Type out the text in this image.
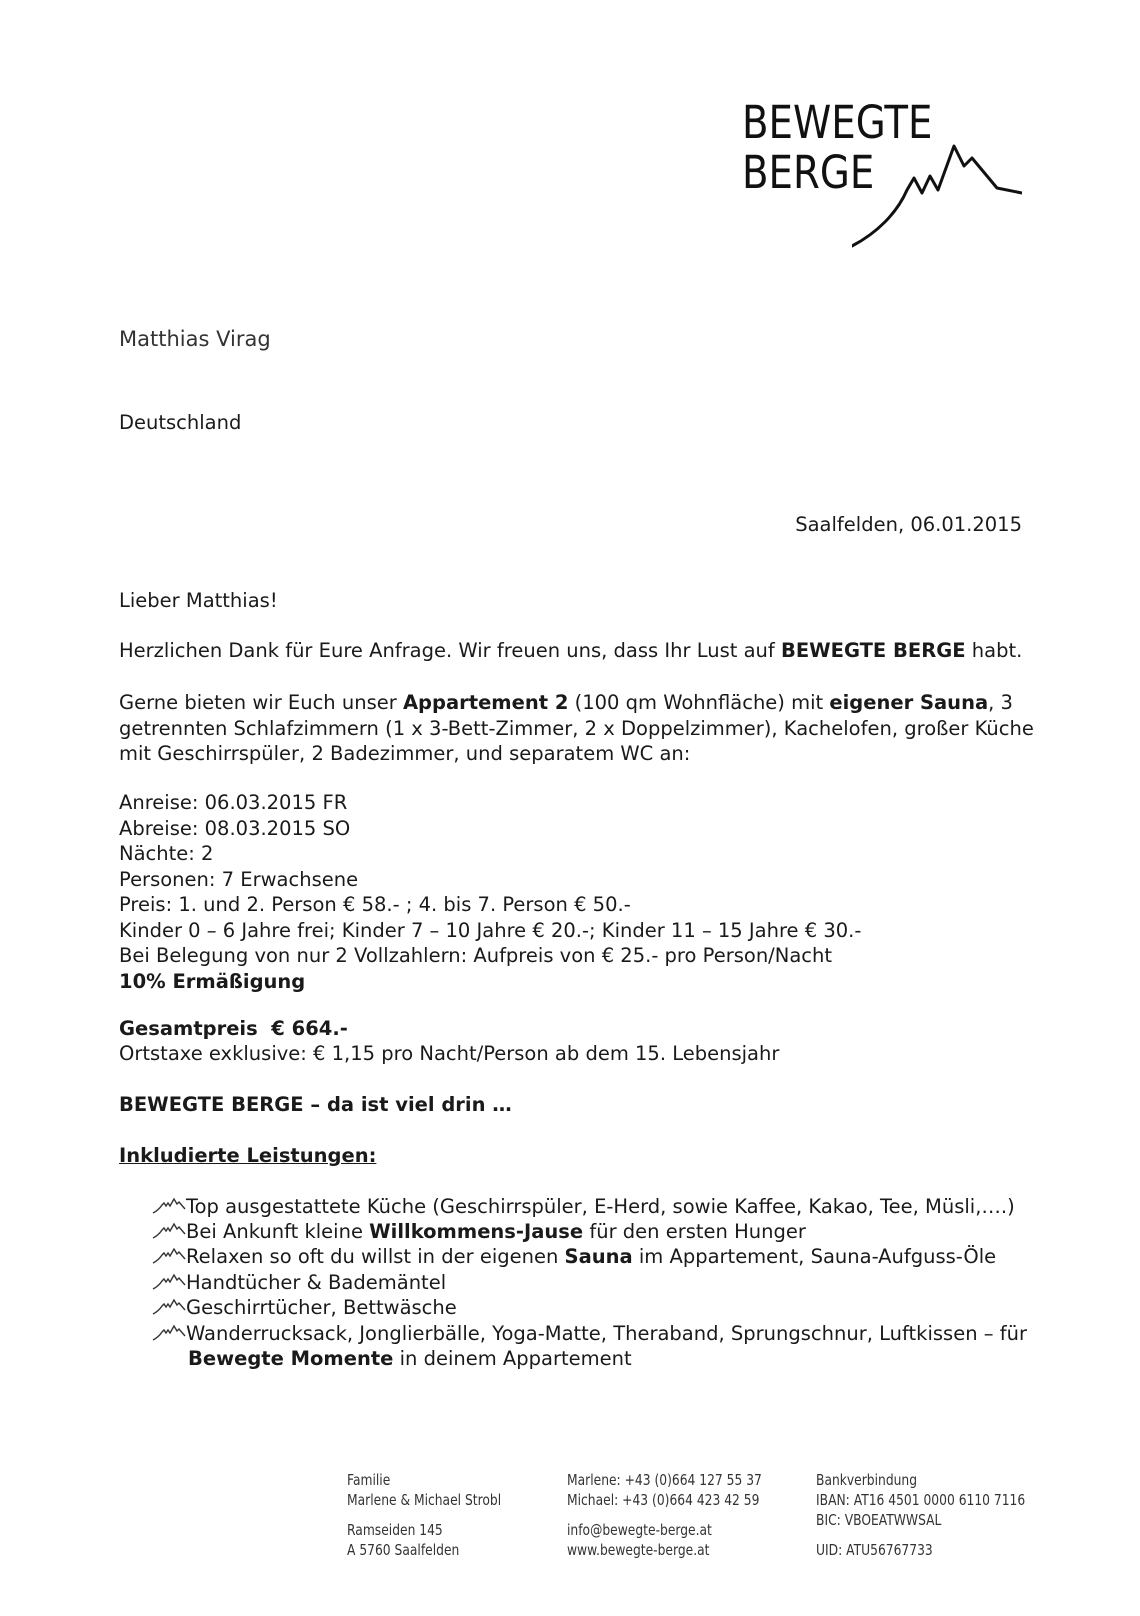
BEWEGTE
BERGE
Matthias Virag
Deutschland
Saalfelden, 06.01.2015
Lieber Matthias!
Herzlichen Dank für Eure Anfrage. Wir freuen uns, dass Ihr Lust auf BEWEGTE BERGE habt.
Gerne bieten wir Euch unser Appartement 2 (100 qm Wohnfläche) mit eigener Sauna, 3
getrennten Schlafzimmern (1 x 3-Bett-Zimmer, 2 x Doppelzimmer), Kachelofen, großer Küche
mit Geschirrspüler, 2 Badezimmer, und separatem WC an:
Anreise: 06.03.2015 FR
Abreise: 08.03.2015 SO
Nächte: 2
Personen: 7 Erwachsene
Preis: 1. und 2. Person € 58.- ; 4. bis 7. Person € 50.-
Kinder 0 – 6 Jahre frei; Kinder 7 – 10 Jahre € 20.-; Kinder 11 – 15 Jahre € 30.-
Bei Belegung von nur 2 Vollzahlern: Aufpreis von € 25.- pro Person/Nacht
10% Ermäßigung
Gesamtpreis  € 664.-
Ortstaxe exklusive: € 1,15 pro Nacht/Person ab dem 15. Lebensjahr
BEWEGTE BERGE – da ist viel drin …
Inkludierte Leistungen:
Top ausgestattete Küche (Geschirrspüler, E-Herd, sowie Kaffee, Kakao, Tee, Müsli,….)
Bei Ankunft kleine Willkommens-Jause für den ersten Hunger
Relaxen so oft du willst in der eigenen Sauna im Appartement, Sauna-Aufguss-Öle
Handtücher & Bademäntel
Geschirrtücher, Bettwäsche
Wanderrucksack, Jonglierbälle, Yoga-Matte, Theraband, Sprungschnur, Luftkissen – für
Bewegte Momente in deinem Appartement
Familie
Marlene & Michael Strobl
Ramseiden 145
A 5760 Saalfelden
Marlene: +43 (0)664 127 55 37
Michael: +43 (0)664 423 42 59
info@bewegte-berge.at
www.bewegte-berge.at
Bankverbindung
IBAN: AT16 4501 0000 6110 7116
BIC: VBOEATWWSAL
UID: ATU56767733
